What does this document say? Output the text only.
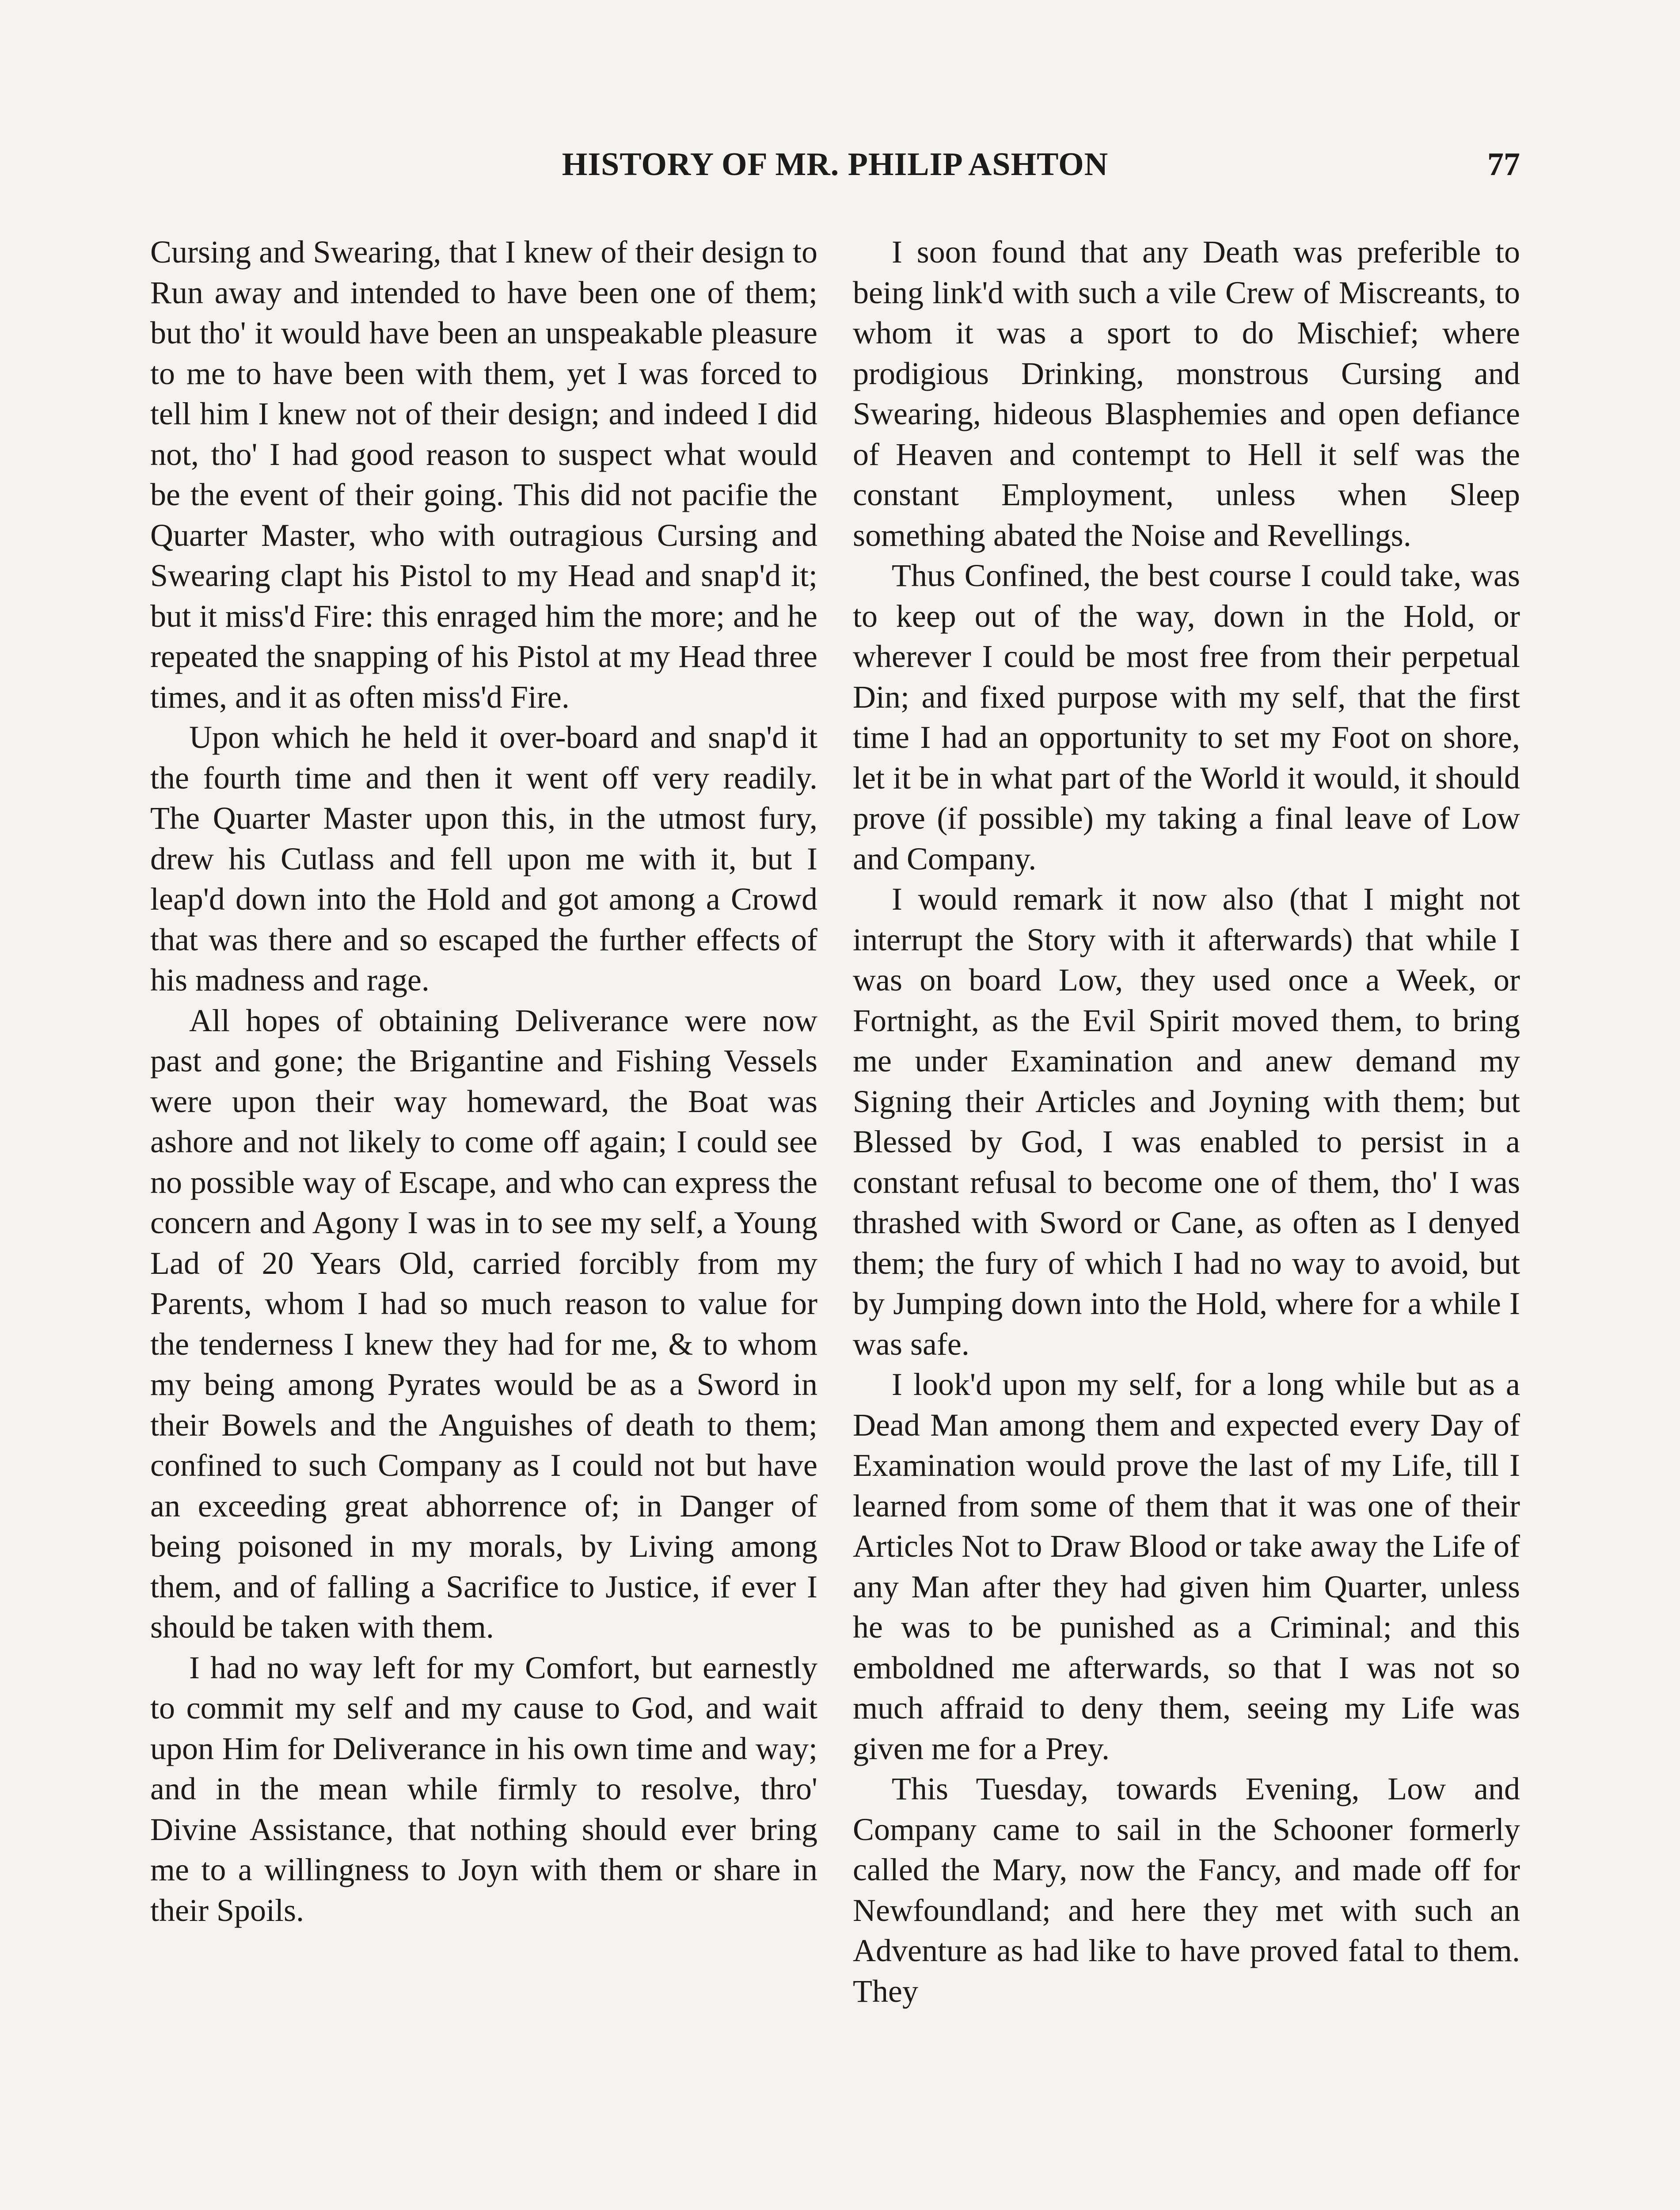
HISTORY OF MR. PHILIP ASHTON	77

Cursing and Swearing, that I knew of their design to Run away and intended to have been one of them; but tho' it would have been an unspeakable pleasure to me to have been with them, yet I was forced to tell him I knew not of their design; and indeed I did not, tho' I had good reason to suspect what would be the event of their going. This did not pacifie the Quarter Master, who with outragious Cursing and Swearing clapt his Pistol to my Head and snap'd it; but it miss'd Fire: this enraged him the more; and he repeated the snapping of his Pistol at my Head three times, and it as often miss'd Fire.

Upon which he held it over-board and snap'd it the fourth time and then it went off very readily. The Quarter Master upon this, in the utmost fury, drew his Cutlass and fell upon me with it, but I leap'd down into the Hold and got among a Crowd that was there and so escaped the further effects of his madness and rage.

All hopes of obtaining Deliverance were now past and gone; the Brigantine and Fishing Vessels were upon their way homeward, the Boat was ashore and not likely to come off again; I could see no possible way of Escape, and who can express the concern and Agony I was in to see my self, a Young Lad of 20 Years Old, carried forcibly from my Parents, whom I had so much reason to value for the tenderness I knew they had for me, & to whom my being among Pyrates would be as a Sword in their Bowels and the Anguishes of death to them; confined to such Company as I could not but have an exceeding great abhorrence of; in Danger of being poisoned in my morals, by Living among them, and of falling a Sacrifice to Justice, if ever I should be taken with them.

I had no way left for my Comfort, but earnestly to commit my self and my cause to God, and wait upon Him for Deliverance in his own time and way; and in the mean while firmly to resolve, thro' Divine Assistance, that nothing should ever bring me to a willingness to Joyn with them or share in their Spoils.

I soon found that any Death was preferible to being link'd with such a vile Crew of Miscreants, to whom it was a sport to do Mischief; where prodigious Drinking, monstrous Cursing and Swearing, hideous Blasphemies and open defiance of Heaven and contempt to Hell it self was the constant Employment, unless when Sleep something abated the Noise and Revellings.

Thus Confined, the best course I could take, was to keep out of the way, down in the Hold, or wherever I could be most free from their perpetual Din; and fixed purpose with my self, that the first time I had an opportunity to set my Foot on shore, let it be in what part of the World it would, it should prove (if possible) my taking a final leave of Low and Company.

I would remark it now also (that I might not interrupt the Story with it afterwards) that while I was on board Low, they used once a Week, or Fortnight, as the Evil Spirit moved them, to bring me under Examination and anew demand my Signing their Articles and Joyning with them; but Blessed by God, I was enabled to persist in a constant refusal to become one of them, tho' I was thrashed with Sword or Cane, as often as I denyed them; the fury of which I had no way to avoid, but by Jumping down into the Hold, where for a while I was safe.

I look'd upon my self, for a long while but as a Dead Man among them and expected every Day of Examination would prove the last of my Life, till I learned from some of them that it was one of their Articles Not to Draw Blood or take away the Life of any Man after they had given him Quarter, unless he was to be punished as a Criminal; and this emboldned me afterwards, so that I was not so much affraid to deny them, seeing my Life was given me for a Prey.

This Tuesday, towards Evening, Low and Company came to sail in the Schooner formerly called the Mary, now the Fancy, and made off for Newfoundland; and here they met with such an Adventure as had like to have proved fatal to them. They
